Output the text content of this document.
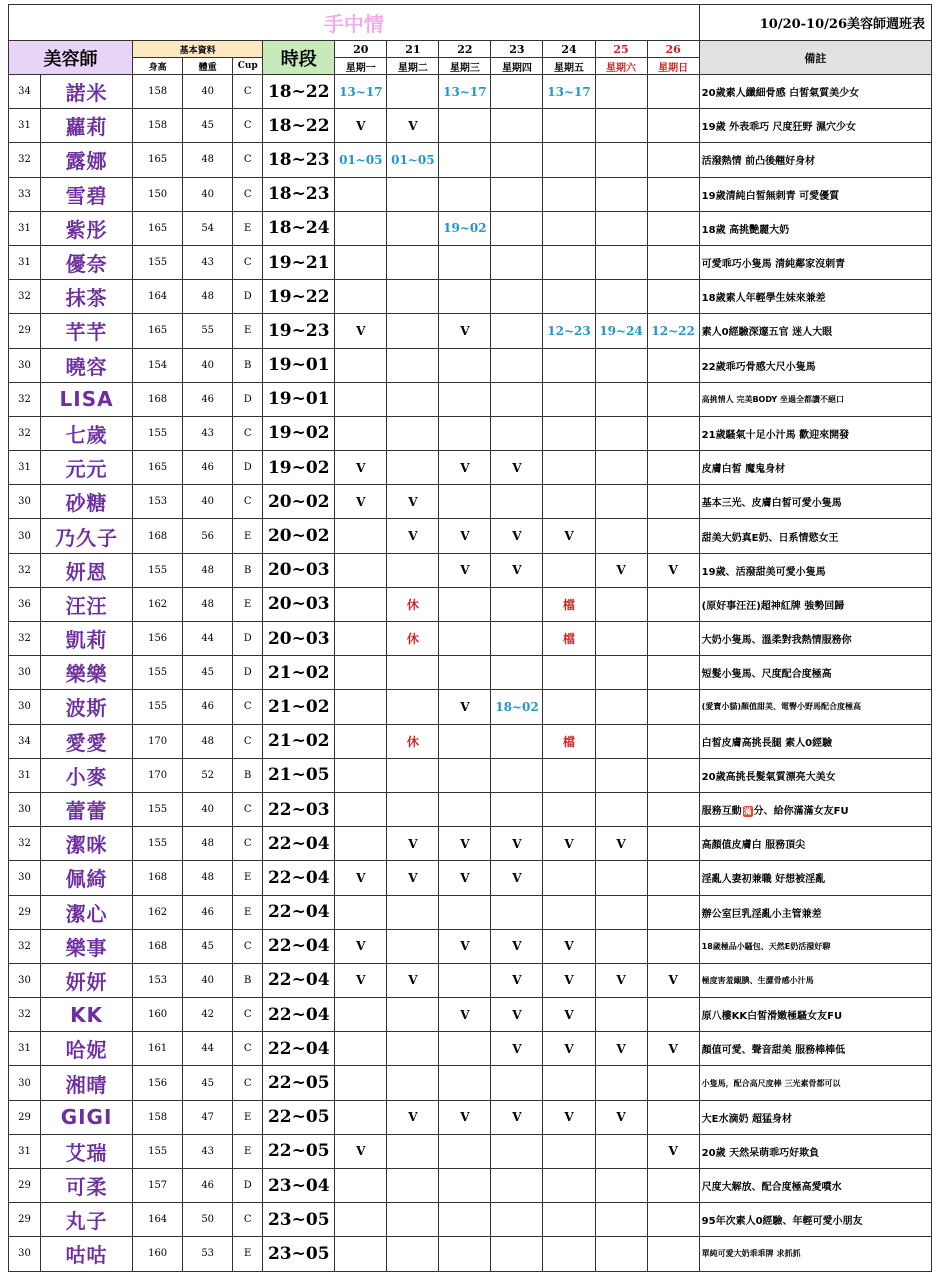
手中情													10/20-10/26美容師週班表
美容師		基本資料			時段	20	21	22	23	24	25	26	備註
		身高	體重	Cup		星期一	星期二	星期三	星期四	星期五	星期六	星期日	
34	諾米	158	40	C	18~22	13~17		13~17		13~17			20歲素人纖細骨感 白皙氣質美少女
31	蘿莉	158	45	C	18~22	V	V						19歲 外表乖巧 尺度狂野 濕穴少女
32	露娜	165	48	C	18~23	01~05	01~05						活潑熱情 前凸後翹好身材
33	雪碧	150	40	C	18~23								19歲清純白皙無刺青 可愛優質
31	紫彤	165	54	E	18~24			19~02					18歲 高挑艷麗大奶
31	優奈	155	43	C	19~21								可愛乖巧小隻馬 清純鄰家沒刺青
32	抹茶	164	48	D	19~22								18歲素人年輕學生妹來兼差
29	芊芊	165	55	E	19~23	V		V		12~23	19~24	12~22	素人0經驗深邃五官 迷人大眼
30	曉容	154	40	B	19~01								22歲乖巧骨感大尺小隻馬
32	LISA	168	46	D	19~01								高挑情人 完美BODY 坐過全都讚不絕口
32	七歲	155	43	C	19~02								21歲騷氣十足小汁馬 歡迎來開發
31	元元	165	46	D	19~02	V		V	V				皮膚白皙 魔鬼身材
30	砂糖	153	40	C	20~02	V	V						基本三光、皮膚白皙可愛小隻馬
30	乃久子	168	56	E	20~02		V	V	V	V			甜美大奶真E奶、日系情慾女王
32	妍恩	155	48	B	20~03			V	V		V	V	19歲、活潑甜美可愛小隻馬
36	汪汪	162	48	E	20~03		休			檔			(原好事汪汪)超神紅牌 強勢回歸
32	凱莉	156	44	D	20~03		休			檔			大奶小隻馬、溫柔對我熱情服務你
30	樂樂	155	45	D	21~02								短髮小隻馬、尺度配合度極高
30	波斯	155	46	C	21~02			V	18~02				(愛寶小貓)顏值甜美、電臀小野馬配合度極高
34	愛愛	170	48	C	21~02		休			檔			白皙皮膚高挑長腿 素人0經驗
31	小麥	170	52	B	21~05								20歲高挑長髮氣質漂亮大美女
30	蕾蕾	155	40	C	22~03								服務互動 滿 分、給你滿滿女友FU
32	潔咪	155	48	C	22~04		V	V	V	V	V		高顏值皮膚白 服務頂尖
30	佩綺	168	48	E	22~04	V	V	V	V				淫亂人妻初兼職 好想被淫亂
29	潔心	162	46	E	22~04								辦公室巨乳淫亂小主管兼差
32	樂事	168	45	C	22~04	V		V	V	V			18歲極品小騷包、天然E奶活潑好聊
30	妍妍	153	40	B	22~04	V	V		V	V	V	V	極度害羞靦腆、生澀骨感小汁馬
32	KK	160	42	C	22~04			V	V	V			原八樓KK白皙滑嫩極騷女友FU
31	哈妮	161	44	C	22~04				V	V	V	V	顏值可愛、聲音甜美 服務棒棒低
30	湘晴	156	45	C	22~05								小隻馬，配合高尺度棒 三光素骨都可以
29	GIGI	158	47	E	22~05		V	V	V	V	V		大E水滴奶 超猛身材
31	艾瑞	155	43	E	22~05	V						V	20歲 天然呆萌乖巧好欺負
29	可柔	157	46	D	23~04								尺度大解放、配合度極高愛噴水
29	丸子	164	50	C	23~05								95年次素人0經驗、年輕可愛小朋友
30	咕咕	160	53	E	23~05								單純可愛大奶乖乖牌 求抓抓
